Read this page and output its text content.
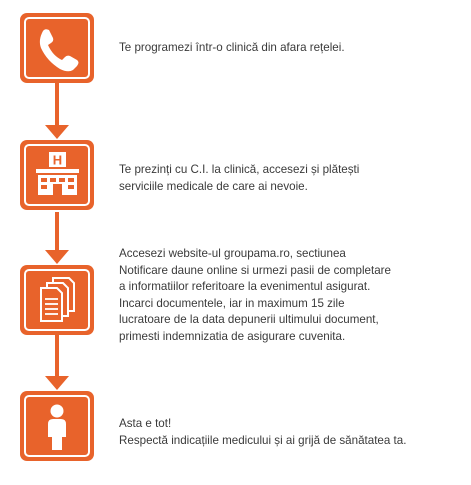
Te programezi într-o clinică din afara rețelei.
H
Te prezinți cu C.I. la clinică, accesezi și plătești
serviciile medicale de care ai nevoie.
Accesezi website-ul groupama.ro, sectiunea
Notificare daune online si urmezi pasii de completare
a informatiilor referitoare la evenimentul asigurat.
Incarci documentele, iar in maximum 15 zile
lucratoare de la data depunerii ultimului document,
primesti indemnizatia de asigurare cuvenita.
Asta e tot!
Respectă indicațiile medicului și ai grijă de sănătatea ta.
